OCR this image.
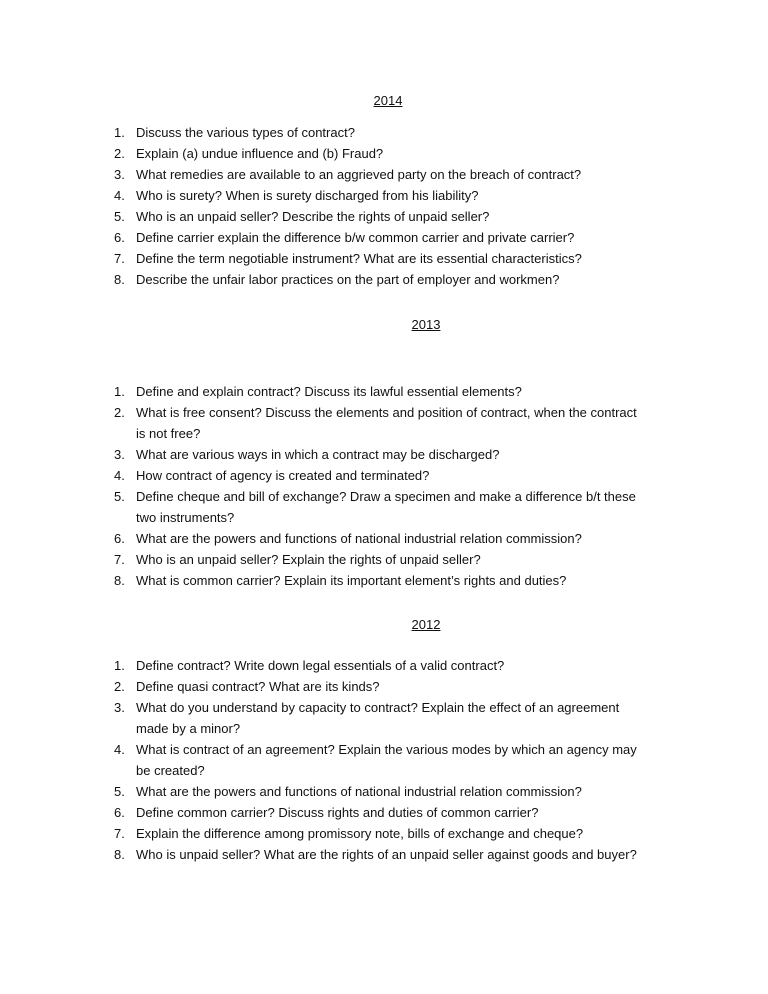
2014
1. Discuss the various types of contract?
2. Explain (a) undue influence and (b) Fraud?
3. What remedies are available to an aggrieved party on the breach of contract?
4. Who is surety? When is surety discharged from his liability?
5. Who is an unpaid seller? Describe the rights of unpaid seller?
6. Define carrier explain the difference b/w common carrier and private carrier?
7. Define the term negotiable instrument? What are its essential characteristics?
8. Describe the unfair labor practices on the part of employer and workmen?
2013
1. Define and explain contract? Discuss its lawful essential elements?
2. What is free consent? Discuss the elements and position of contract, when the contract
is not free?
3. What are various ways in which a contract may be discharged?
4. How contract of agency is created and terminated?
5. Define cheque and bill of exchange? Draw a specimen and make a difference b/t these
two instruments?
6. What are the powers and functions of national industrial relation commission?
7. Who is an unpaid seller? Explain the rights of unpaid seller?
8. What is common carrier? Explain its important element’s rights and duties?
2012
1. Define contract? Write down legal essentials of a valid contract?
2. Define quasi contract? What are its kinds?
3. What do you understand by capacity to contract? Explain the effect of an agreement
made by a minor?
4. What is contract of an agreement? Explain the various modes by which an agency may
be created?
5. What are the powers and functions of national industrial relation commission?
6. Define common carrier? Discuss rights and duties of common carrier?
7. Explain the difference among promissory note, bills of exchange and cheque?
8. Who is unpaid seller? What are the rights of an unpaid seller against goods and buyer?
